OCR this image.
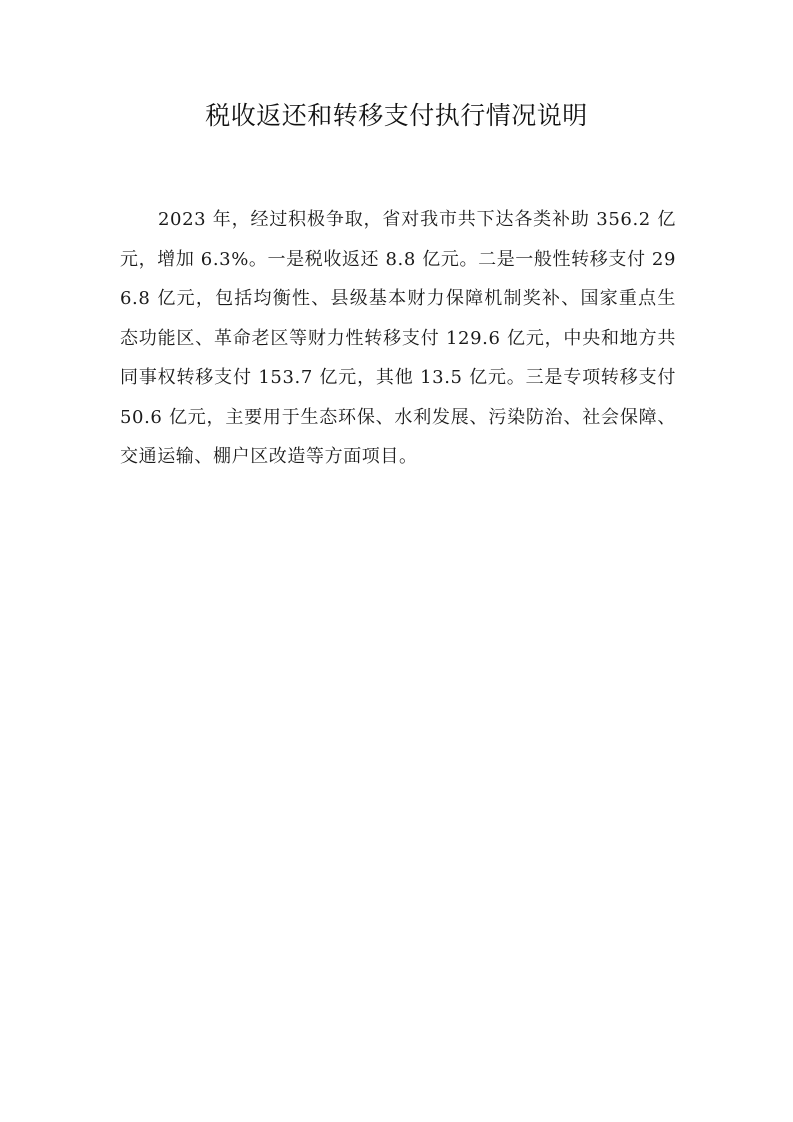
税收返还和转移支付执行情况说明

2023 年，经过积极争取，省对我市共下达各类补助 356.2 亿元，增加 6.3%。一是税收返还 8.8 亿元。二是一般性转移支付 296.8 亿元，包括均衡性、县级基本财力保障机制奖补、国家重点生态功能区、革命老区等财力性转移支付 129.6 亿元，中央和地方共同事权转移支付 153.7 亿元，其他 13.5 亿元。三是专项转移支付 50.6 亿元，主要用于生态环保、水利发展、污染防治、社会保障、交通运输、棚户区改造等方面项目。
